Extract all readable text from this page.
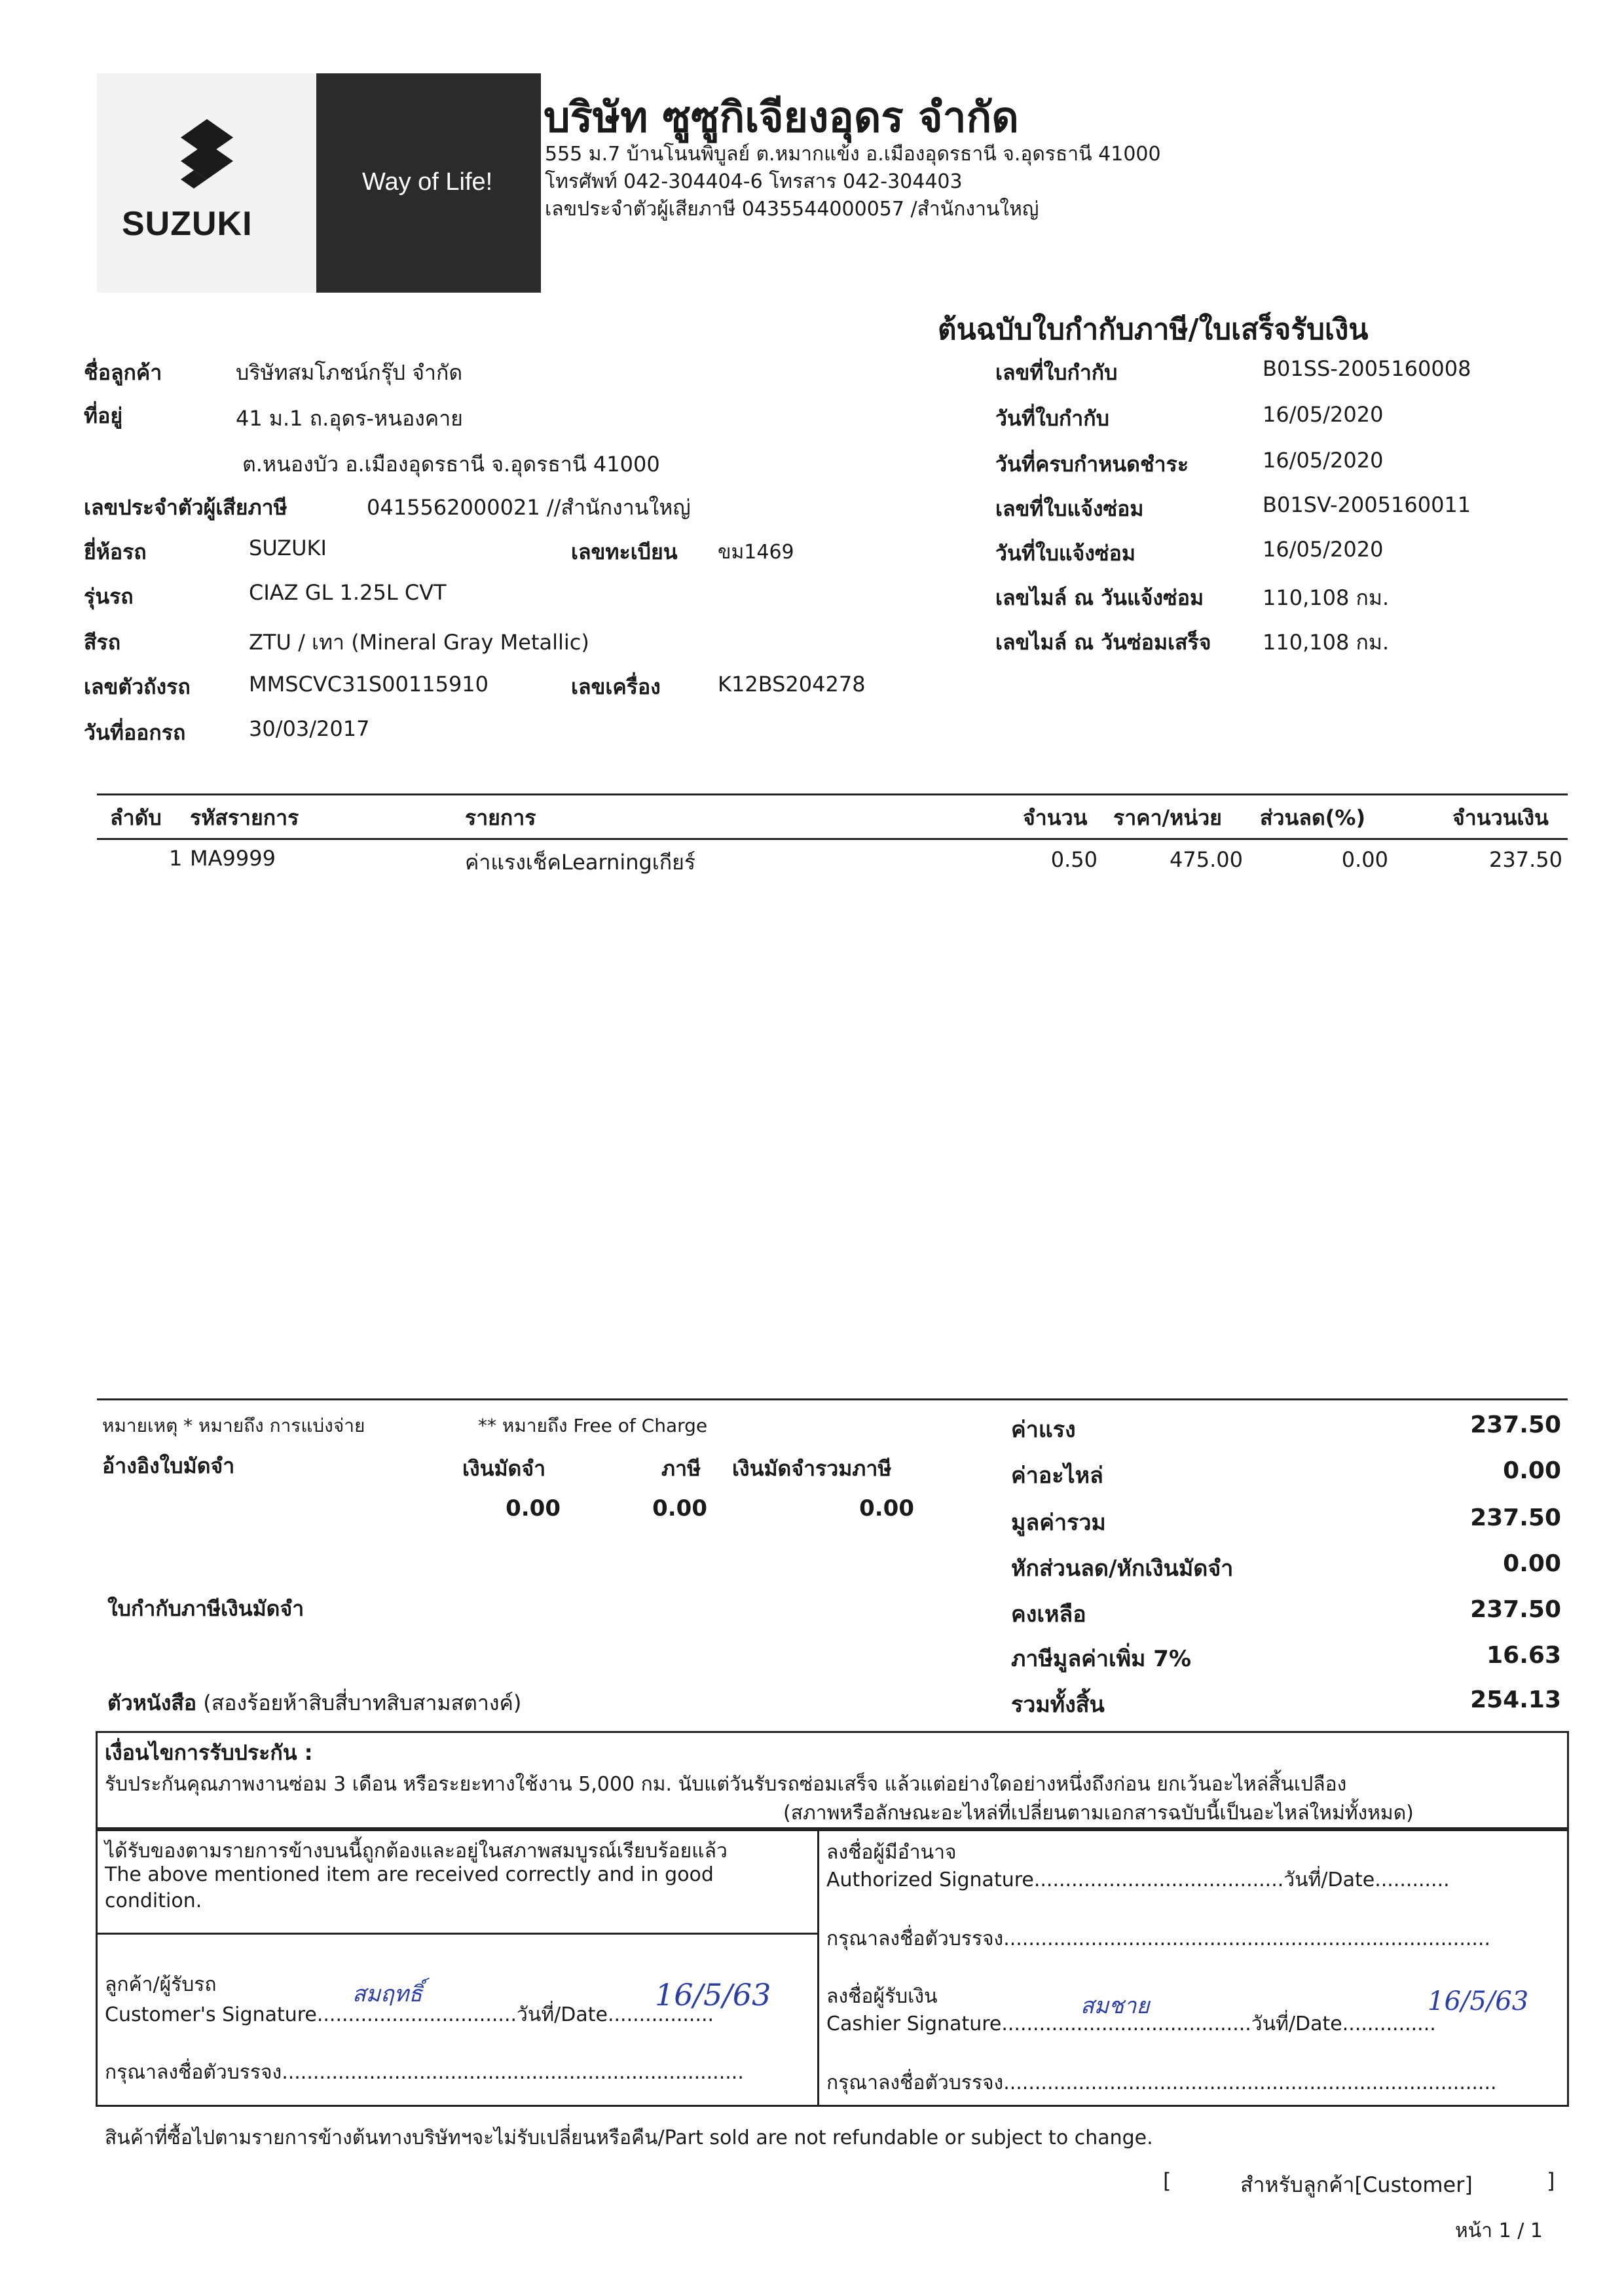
SUZUKI
Way of Life!
บริษัท ซูซูกิเจียงอุดร จำกัด
555 ม.7 บ้านโนนพิบูลย์ ต.หมากแข้ง อ.เมืองอุดรธานี จ.อุดรธานี 41000
โทรศัพท์ 042-304404-6 โทรสาร 042-304403
เลขประจำตัวผู้เสียภาษี 0435544000057 /สำนักงานใหญ่
ต้นฉบับใบกำกับภาษี/ใบเสร็จรับเงิน
ชื่อลูกค้า	บริษัทสมโภชน์กรุ๊ป จำกัด
ที่อยู่	41 ม.1 ถ.อุดร-หนองคาย
ต.หนองบัว อ.เมืองอุดรธานี จ.อุดรธานี 41000
เลขประจำตัวผู้เสียภาษี	0415562000021 //สำนักงานใหญ่
ยี่ห้อรถ	SUZUKI	เลขทะเบียน ขม1469
รุ่นรถ	CIAZ GL 1.25L CVT
สีรถ	ZTU / เทา (Mineral Gray Metallic)
เลขตัวถังรถ	MMSCVC31S00115910	เลขเครื่อง	K12BS204278
วันที่ออกรถ	30/03/2017
เลขที่ใบกำกับ	B01SS-2005160008
วันที่ใบกำกับ	16/05/2020
วันที่ครบกำหนดชำระ	16/05/2020
เลขที่ใบแจ้งซ่อม	B01SV-2005160011
วันที่ใบแจ้งซ่อม	16/05/2020
เลขไมล์ ณ วันแจ้งซ่อม	110,108 กม.
เลขไมล์ ณ วันซ่อมเสร็จ 110,108 กม.
ลำดับ รหัสรายการ	รายการ	จำนวน ราคา/หน่วย ส่วนลด(%)	จำนวนเงิน
1 MA9999	ค่าแรงเช็คLearningเกียร์	0.50	475.00	0.00	237.50
หมายเหตุ * หมายถึง การแบ่งจ่าย	** หมายถึง Free of Charge
อ้างอิงใบมัดจำ	เงินมัดจำ	ภาษี เงินมัดจำรวมภาษี
0.00	0.00	0.00
ใบกำกับภาษีเงินมัดจำ
ตัวหนังสือ (สองร้อยห้าสิบสี่บาทสิบสามสตางค์)
ค่าแรง	237.50
ค่าอะไหล่	0.00
มูลค่ารวม	237.50
หักส่วนลด/หักเงินมัดจำ	0.00
คงเหลือ	237.50
ภาษีมูลค่าเพิ่ม 7%	16.63
รวมทั้งสิ้น	254.13
เงื่อนไขการรับประกัน :
รับประกันคุณภาพงานซ่อม 3 เดือน หรือระยะทางใช้งาน 5,000 กม. นับแต่วันรับรถซ่อมเสร็จ แล้วแต่อย่างใดอย่างหนึ่งถึงก่อน ยกเว้นอะไหล่สิ้นเปลือง
(สภาพหรือลักษณะอะไหล่ที่เปลี่ยนตามเอกสารฉบับนี้เป็นอะไหล่ใหม่ทั้งหมด)
ได้รับของตามรายการข้างบนนี้ถูกต้องและอยู่ในสภาพสมบูรณ์เรียบร้อยแล้ว
The above mentioned item are received correctly and in good
condition.
ลูกค้า/ผู้รับรถ
Customer's Signature................................วันที่/Date.................
สมฤทธิ์	16/5/63
กรุณาลงชื่อตัวบรรจง..........................................................................
ลงชื่อผู้มีอำนาจ
Authorized Signature........................................วันที่/Date............
กรุณาลงชื่อตัวบรรจง..............................................................................
ลงชื่อผู้รับเงิน
Cashier Signature........................................วันที่/Date...............
สมชาย	16/5/63
กรุณาลงชื่อตัวบรรจง...............................................................................
สินค้าที่ซื้อไปตามรายการข้างต้นทางบริษัทฯจะไม่รับเปลี่ยนหรือคืน/Part sold are not refundable or subject to change.
[	สำหรับลูกค้า[Customer]	]
หน้า 1 / 1
